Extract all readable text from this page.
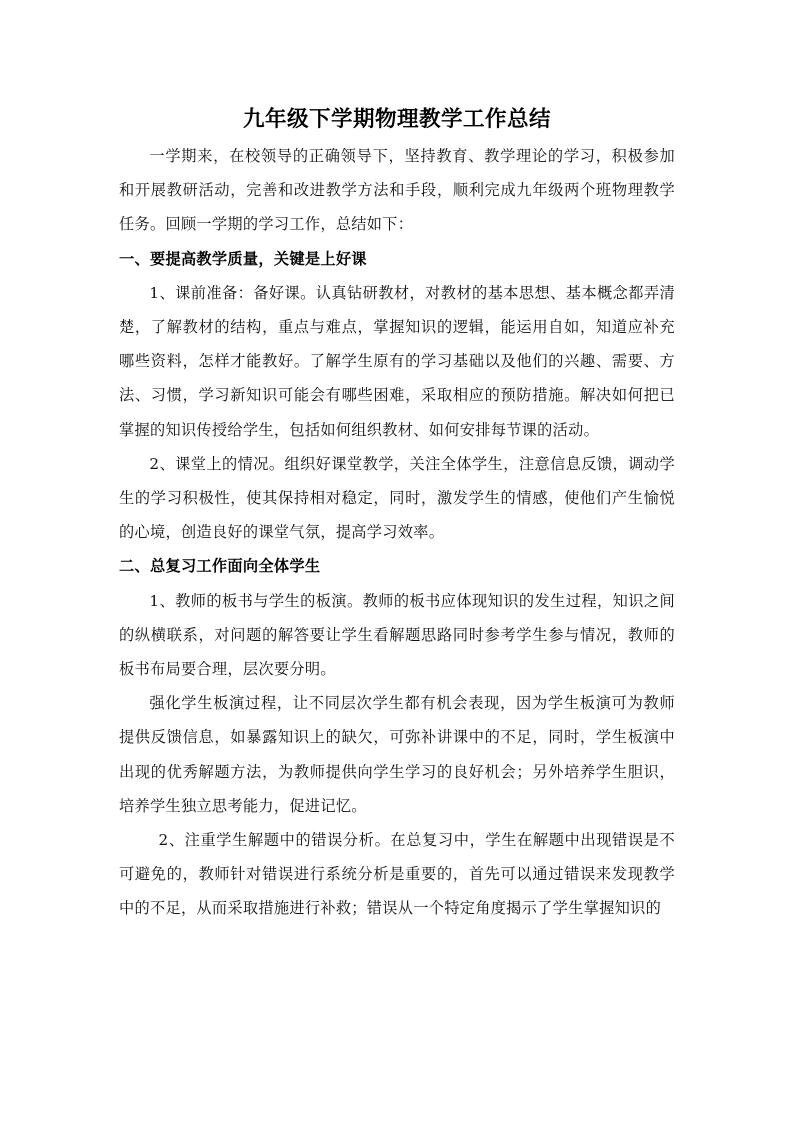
九年级下学期物理教学工作总结

一学期来，在校领导的正确领导下，坚持教育、教学理论的学习，积极参加和开展教研活动，完善和改进教学方法和手段，顺利完成九年级两个班物理教学任务。回顾一学期的学习工作，总结如下：

一、要提高教学质量，关键是上好课

1、课前准备：备好课。认真钻研教材，对教材的基本思想、基本概念都弄清楚，了解教材的结构，重点与难点，掌握知识的逻辑，能运用自如，知道应补充哪些资料，怎样才能教好。了解学生原有的学习基础以及他们的兴趣、需要、方法、习惯，学习新知识可能会有哪些困难，采取相应的预防措施。解决如何把已掌握的知识传授给学生，包括如何组织教材、如何安排每节课的活动。

2、课堂上的情况。组织好课堂教学，关注全体学生，注意信息反馈，调动学生的学习积极性，使其保持相对稳定，同时，激发学生的情感，使他们产生愉悦的心境，创造良好的课堂气氛，提高学习效率。

二、总复习工作面向全体学生

1、教师的板书与学生的板演。教师的板书应体现知识的发生过程，知识之间的纵横联系，对问题的解答要让学生看解题思路同时参考学生参与情况，教师的板书布局要合理，层次要分明。

强化学生板演过程，让不同层次学生都有机会表现，因为学生板演可为教师提供反馈信息，如暴露知识上的缺欠，可弥补讲课中的不足，同时，学生板演中出现的优秀解题方法，为教师提供向学生学习的良好机会；另外培养学生胆识，培养学生独立思考能力，促进记忆。

2、注重学生解题中的错误分析。在总复习中，学生在解题中出现错误是不可避免的，教师针对错误进行系统分析是重要的，首先可以通过错误来发现教学中的不足，从而采取措施进行补救；错误从一个特定角度揭示了学生掌握知识的
